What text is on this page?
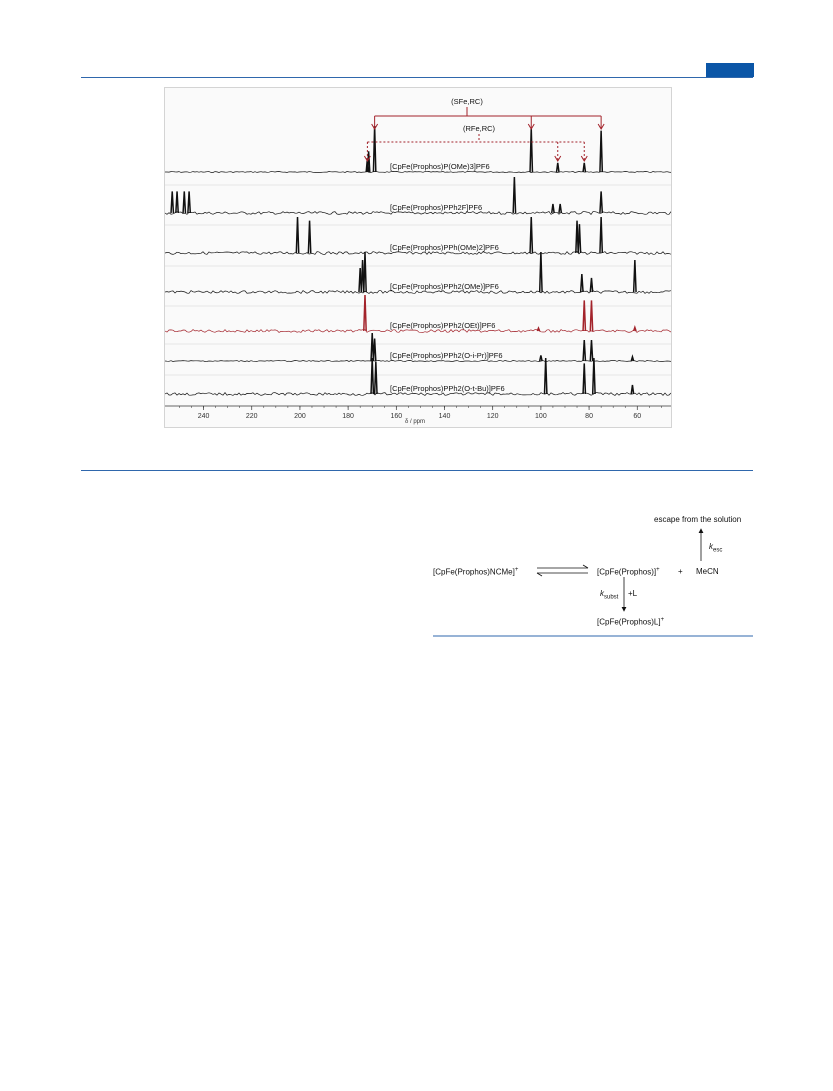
[CpFe(Prophos)P(OMe)3]PF6
[CpFe(Prophos)PPh2F]PF6
[CpFe(Prophos)PPh(OMe)2]PF6
[CpFe(Prophos)PPh2(OMe)]PF6
[CpFe(Prophos)PPh2(OEt)]PF6
[CpFe(Prophos)PPh2(O-i-Pr)]PF6
[CpFe(Prophos)PPh2(O-t-Bu)]PF6
(SFe,RC)
(RFe,RC)
240	220	200	180	160	140	120	100	80	60
δ / ppm
escape from the solution
$k_{esc}$
[CpFe(Prophos)NCMe]+	[CpFe(Prophos)]+ + MeCN
$k_{subst} +L$
[CpFe(Prophos)L]+
